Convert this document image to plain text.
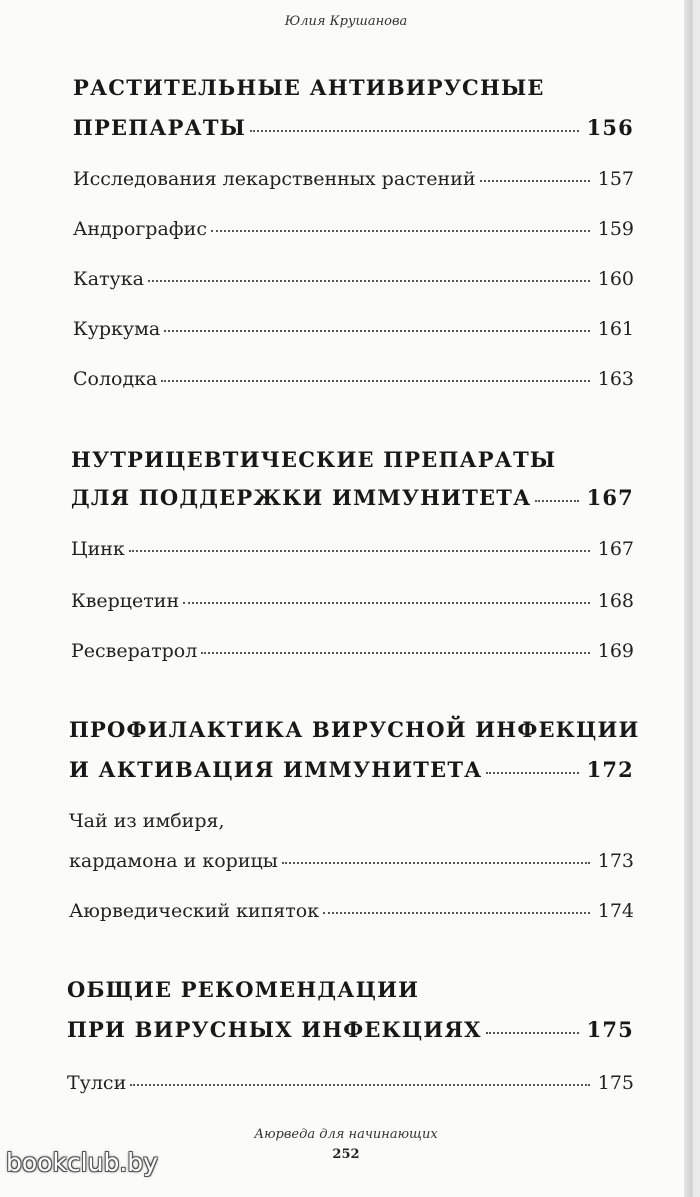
Юлия Крушанова
РАСТИТЕЛЬНЫЕ АНТИВИРУСНЫЕ
ПРЕПАРАТЫ	156
Исследования лекарственных растений	157
Андрографис	159
Катука	160
Куркума	161
Солодка	163
НУТРИЦЕВТИЧЕСКИЕ ПРЕПАРАТЫ
ДЛЯ ПОДДЕРЖКИ ИММУНИТЕТА	167
Цинк	167
Кверцетин	168
Ресвератрол	169
ПРОФИЛАКТИКА ВИРУСНОЙ ИНФЕКЦИИ
И АКТИВАЦИЯ ИММУНИТЕТА	172
Чай из имбиря,
кардамона и корицы	173
Аюрведический кипяток	174
ОБЩИЕ РЕКОМЕНДАЦИИ
ПРИ ВИРУСНЫХ ИНФЕКЦИЯХ	175
Тулси	175
Аюрведа для начинающих
252
bookclub.by
